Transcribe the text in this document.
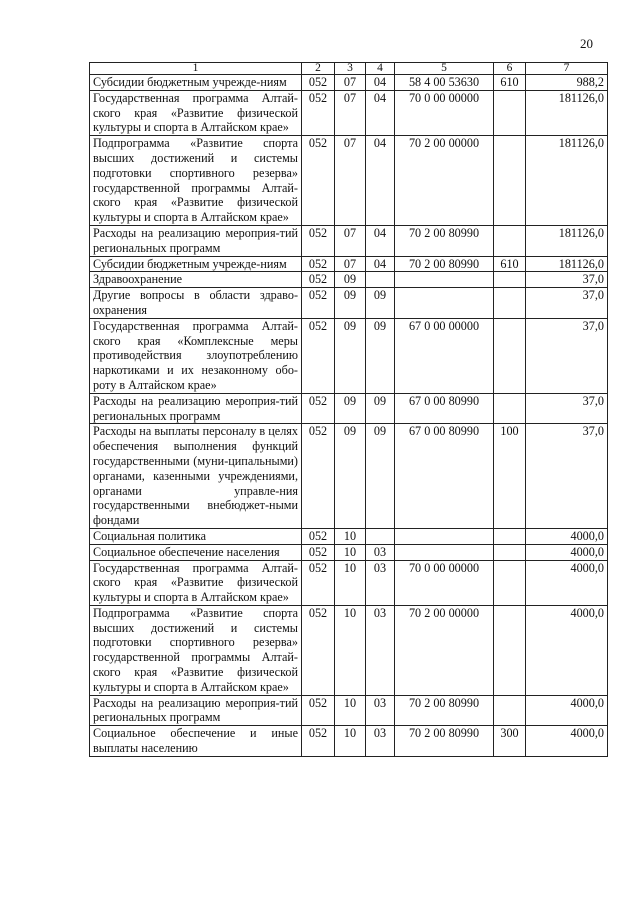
20
1	2	3	4	5	6	7
Субсидии бюджетным учрежде-ниям	052	07	04	58 4 00 53630	610	988,2
Государственная программа Алтай-ского края «Развитие физической культуры и спорта в Алтайском крае»	052	07	04	70 0 00 00000		181126,0
Подпрограмма «Развитие спорта высших достижений и системы подготовки спортивного резерва» государственной программы Алтай-ского края «Развитие физической культуры и спорта в Алтайском крае»	052	07	04	70 2 00 00000		181126,0
Расходы на реализацию мероприя-тий региональных программ	052	07	04	70 2 00 80990		181126,0
Субсидии бюджетным учрежде-ниям	052	07	04	70 2 00 80990	610	181126,0
Здравоохранение	052	09				37,0
Другие вопросы в области здраво-охранения	052	09	09			37,0
Государственная программа Алтай-ского края «Комплексные меры противодействия злоупотреблению наркотиками и их незаконному обо-роту в Алтайском крае»	052	09	09	67 0 00 00000		37,0
Расходы на реализацию мероприя-тий региональных программ	052	09	09	67 0 00 80990		37,0
Расходы на выплаты персоналу в целях обеспечения выполнения функций государственными (муни-ципальными) органами, казенными учреждениями, органами управле-ния государственными внебюджет-ными фондами	052	09	09	67 0 00 80990	100	37,0
Социальная политика	052	10				4000,0
Социальное обеспечение населения	052	10	03			4000,0
Государственная программа Алтай-ского края «Развитие физической культуры и спорта в Алтайском крае»	052	10	03	70 0 00 00000		4000,0
Подпрограмма «Развитие спорта высших достижений и системы подготовки спортивного резерва» государственной программы Алтай-ского края «Развитие физической культуры и спорта в Алтайском крае»	052	10	03	70 2 00 00000		4000,0
Расходы на реализацию мероприя-тий региональных программ	052	10	03	70 2 00 80990		4000,0
Социальное обеспечение и иные выплаты населению	052	10	03	70 2 00 80990	300	4000,0
